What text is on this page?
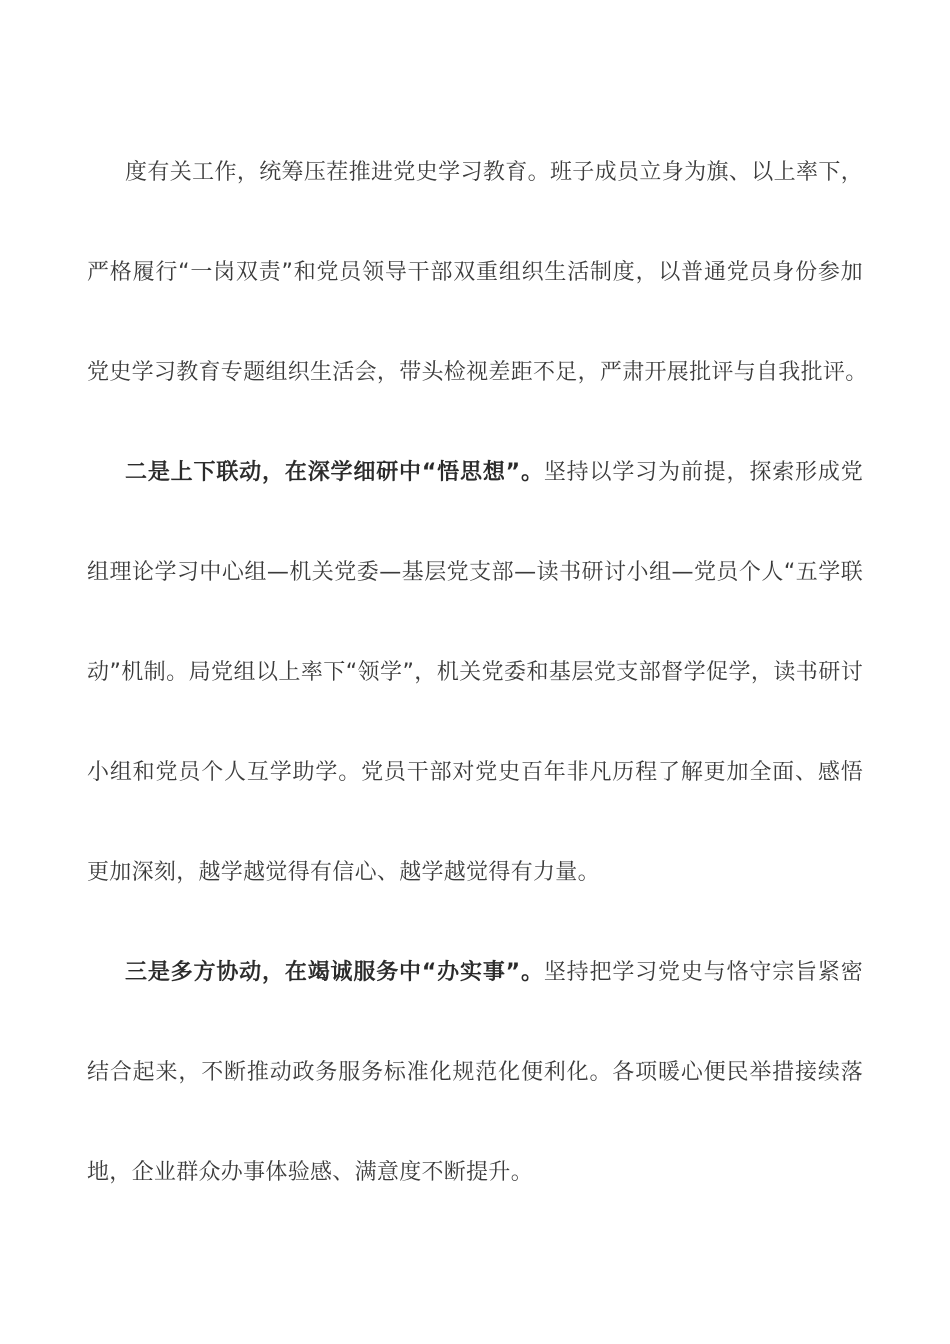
度有关工作，统筹压茬推进党史学习教育。班子成员立身为旗、以上率下，
严格履行“一岗双责”和党员领导干部双重组织生活制度，以普通党员身份参加
党史学习教育专题组织生活会，带头检视差距不足，严肃开展批评与自我批评。
二是上下联动，在深学细研中“悟思想”。坚持以学习为前提，探索形成党
组理论学习中心组—机关党委—基层党支部—读书研讨小组—党员个人“五学联
动”机制。局党组以上率下“领学”，机关党委和基层党支部督学促学，读书研讨
小组和党员个人互学助学。党员干部对党史百年非凡历程了解更加全面、感悟
更加深刻，越学越觉得有信心、越学越觉得有力量。
三是多方协动，在竭诚服务中“办实事”。坚持把学习党史与恪守宗旨紧密
结合起来，不断推动政务服务标准化规范化便利化。各项暖心便民举措接续落
地，企业群众办事体验感、满意度不断提升。
